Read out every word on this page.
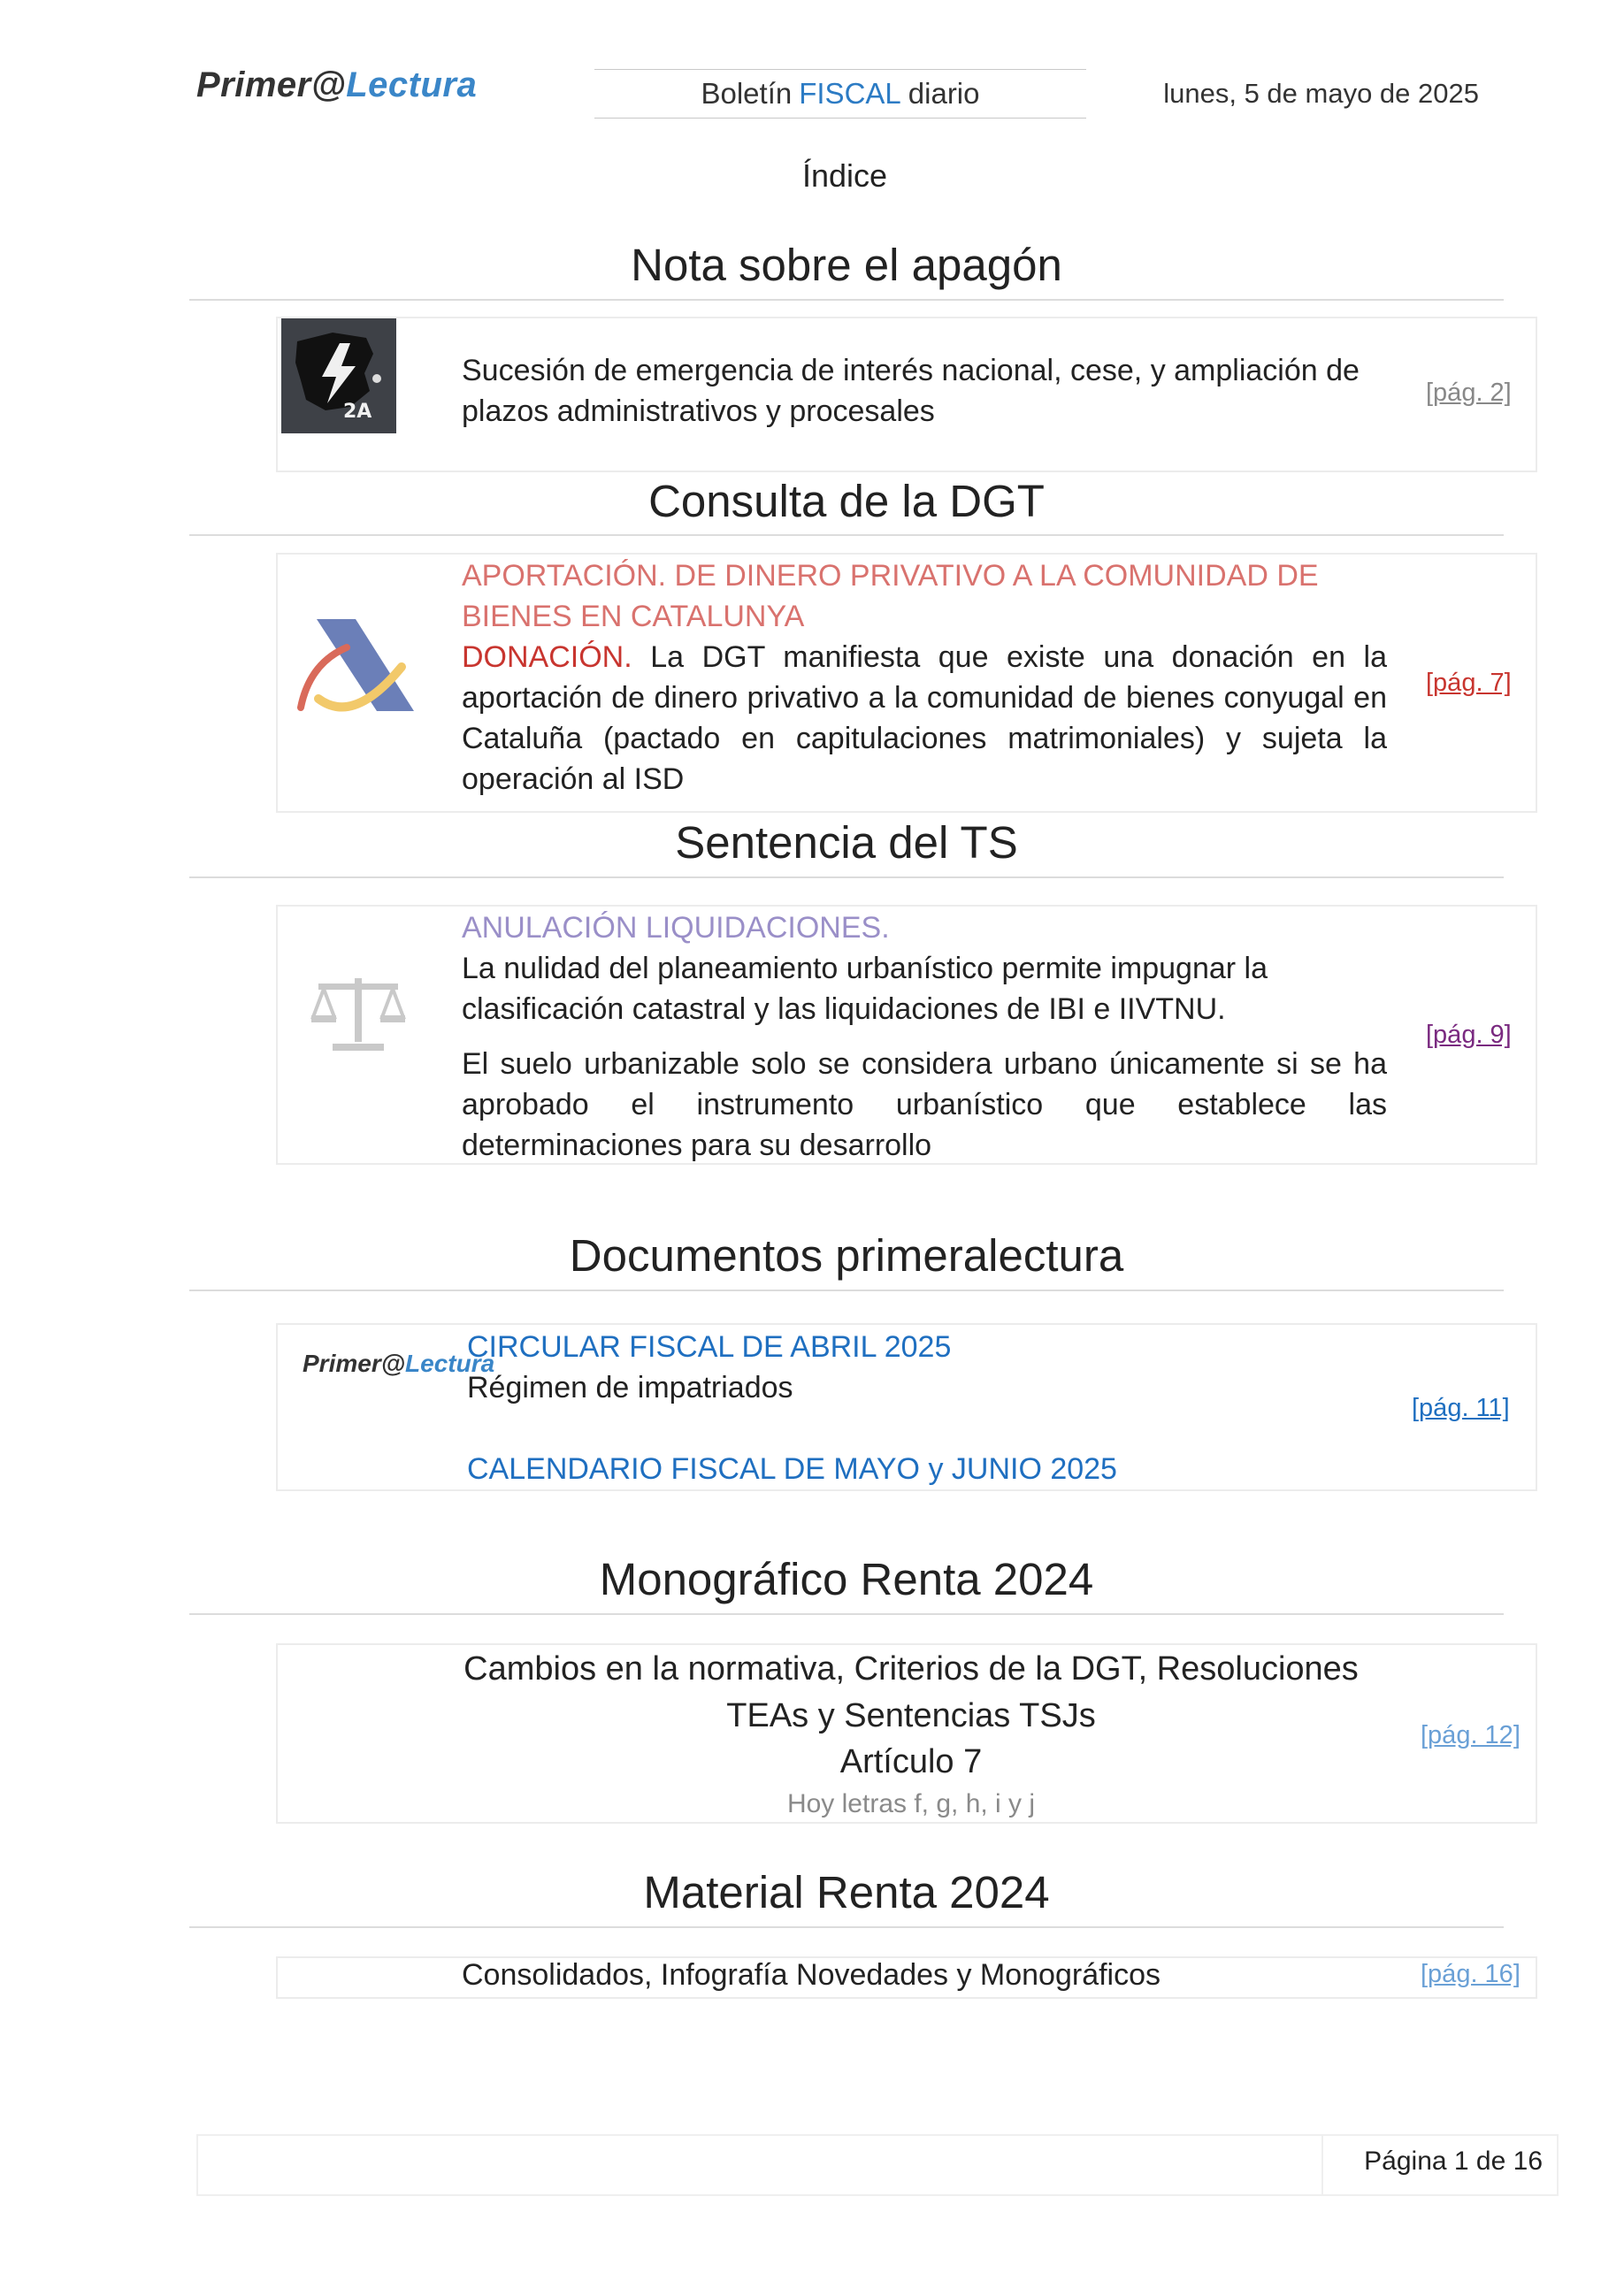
Primer@Lectura	Boletín FISCAL diario	lunes, 5 de mayo de 2025
Índice
Nota sobre el apagón
2A
Sucesión de emergencia de interés nacional, cese, y ampliación de plazos administrativos y procesales
[pág. 2]
Consulta de la DGT
APORTACIÓN. DE DINERO PRIVATIVO A LA COMUNIDAD DE BIENES EN CATALUNYA
DONACIÓN. La DGT manifiesta que existe una donación en la aportación de dinero privativo a la comunidad de bienes conyugal en Cataluña (pactado en capitulaciones matrimoniales) y sujeta la operación al ISD
[pág. 7]
Sentencia del TS
ANULACIÓN LIQUIDACIONES.
La nulidad del planeamiento urbanístico permite impugnar la clasificación catastral y las liquidaciones de IBI e IIVTNU.
El suelo urbanizable solo se considera urbano únicamente si se ha aprobado el instrumento urbanístico que establece las determinaciones para su desarrollo
[pág. 9]
Documentos primeralectura
Primer@Lectura
CIRCULAR FISCAL DE ABRIL 2025
Régimen de impatriados
CALENDARIO FISCAL DE MAYO y JUNIO 2025
[pág. 11]
Monográfico Renta 2024
Cambios en la normativa, Criterios de la DGT, Resoluciones
TEAs y Sentencias TSJs
Artículo 7
Hoy letras f, g, h, i y j
[pág. 12]
Material Renta 2024
Consolidados, Infografía Novedades y Monográficos	[pág. 16]
Página 1 de 16
